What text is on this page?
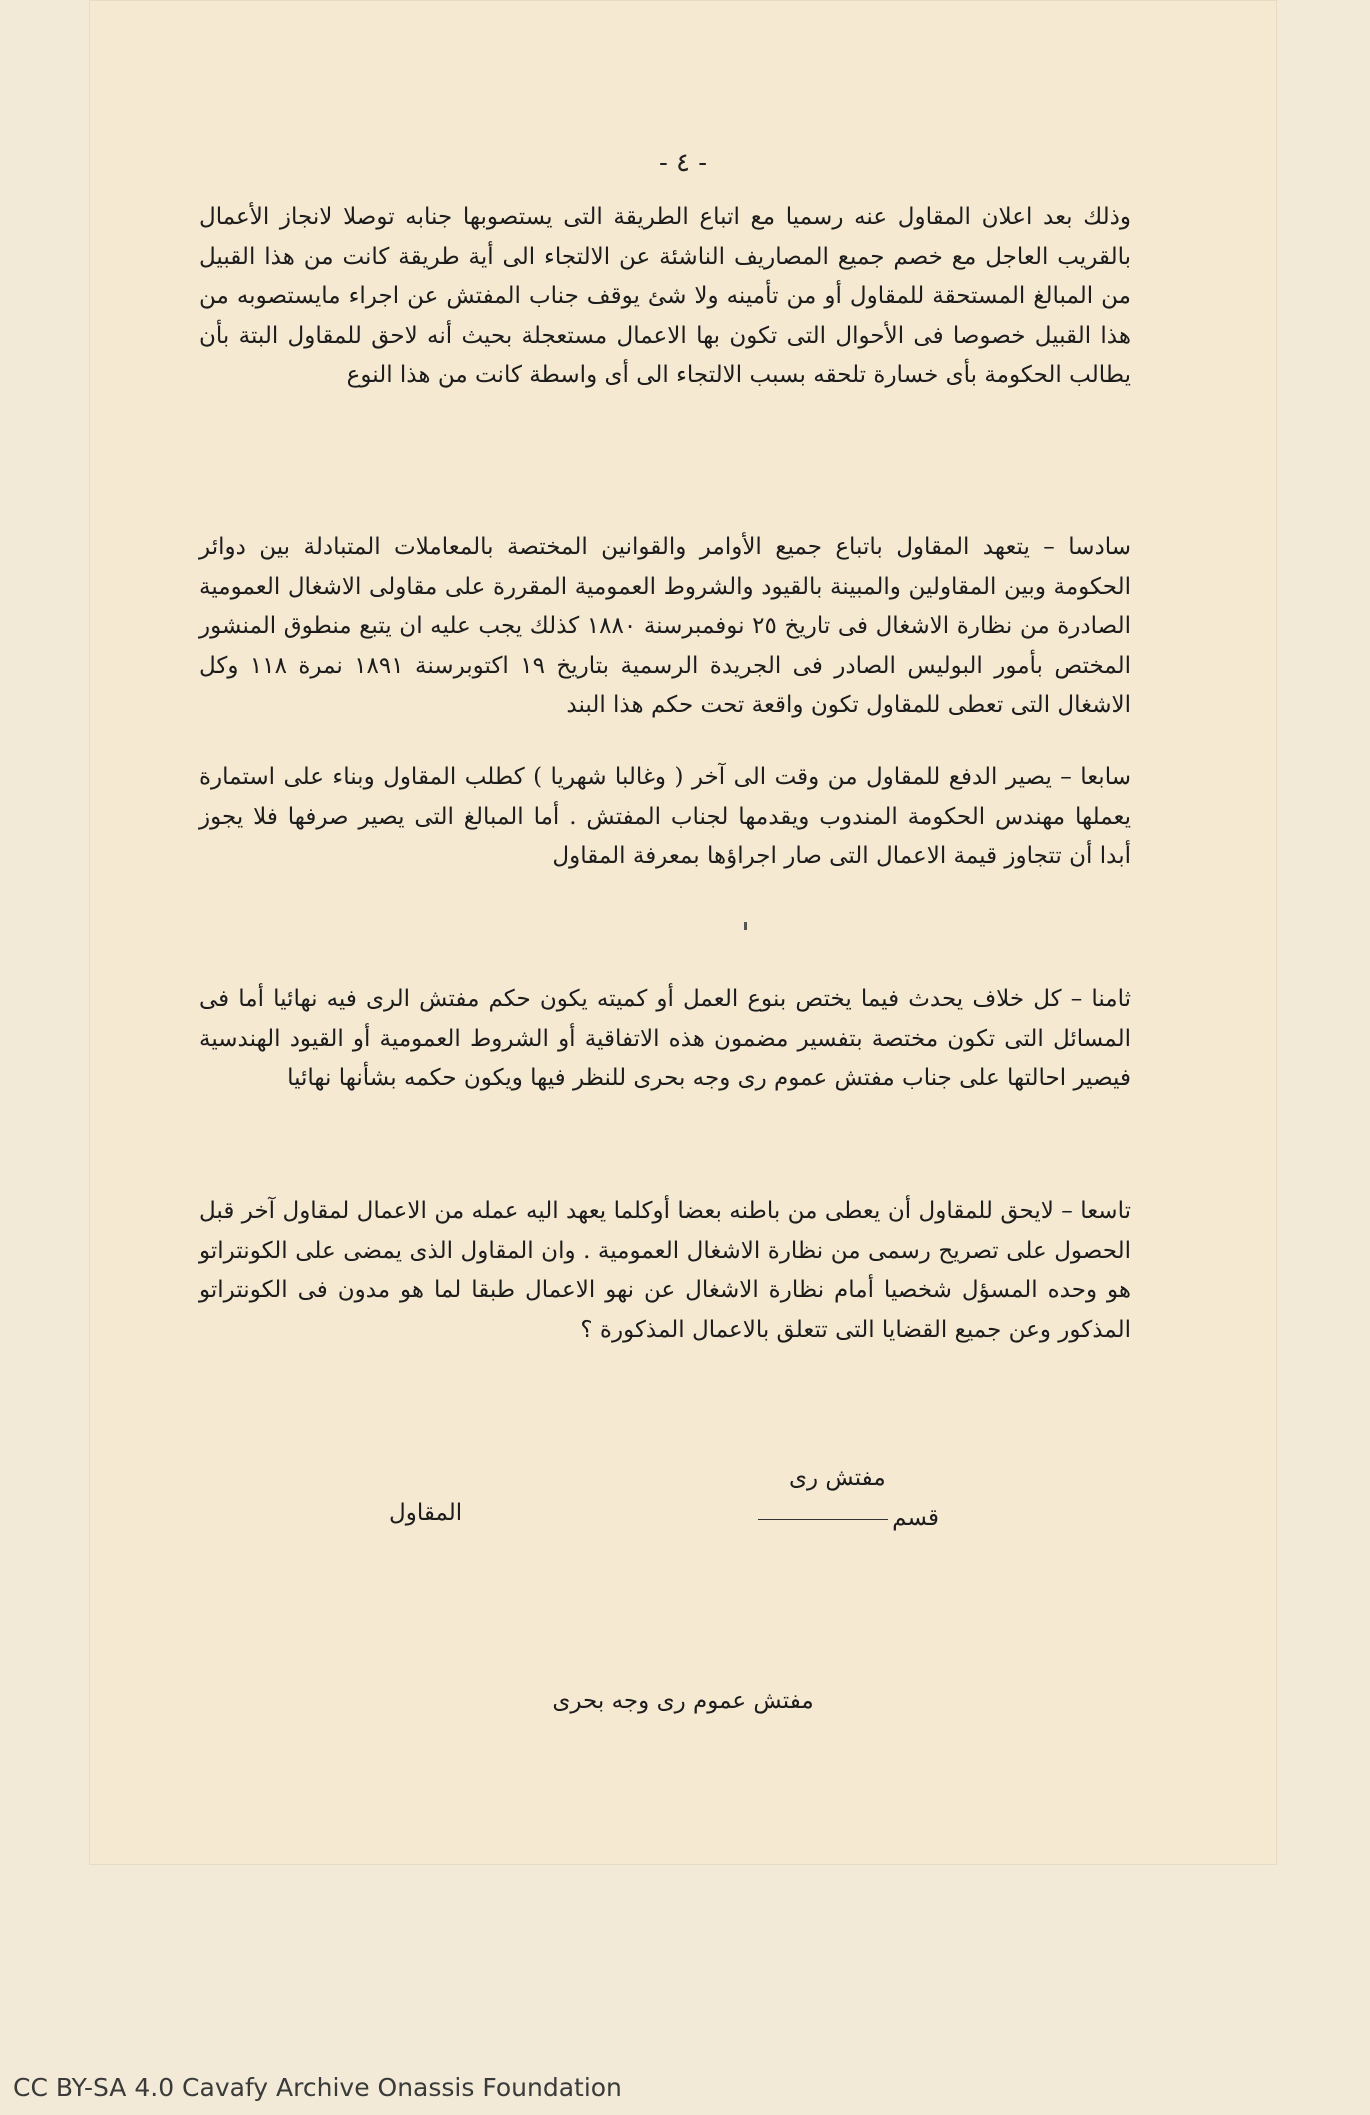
- ٤ -
وذلك بعد اعلان المقاول عنه رسميا مع اتباع الطريقة التى يستصوبها جنابه توصلا لانجاز الأعمال بالقريب العاجل مع خصم جميع المصاريف الناشئة عن الالتجاء الى أية طريقة كانت من هذا القبيل من المبالغ المستحقة للمقاول أو من تأمينه ولا شئ يوقف جناب المفتش عن اجراء مايستصوبه من هذا القبيل خصوصا فى الأحوال التى تكون بها الاعمال مستعجلة بحيث أنه لاحق للمقاول البتة بأن يطالب الحكومة بأى خسارة تلحقه بسبب الالتجاء الى أى واسطة كانت من هذا النوع
سادسا – يتعهد المقاول باتباع جميع الأوامر والقوانين المختصة بالمعاملات المتبادلة بين دوائر الحكومة وبين المقاولين والمبينة بالقيود والشروط العمومية المقررة على مقاولى الاشغال العمومية الصادرة من نظارة الاشغال فى تاريخ ٢٥ نوفمبرسنة ١٨٨٠ كذلك يجب عليه ان يتبع منطوق المنشور المختص بأمور البوليس الصادر فى الجريدة الرسمية بتاريخ ١٩ اكتوبرسنة ١٨٩١ نمرة ١١٨ وكل الاشغال التى تعطى للمقاول تكون واقعة تحت حكم هذا البند
سابعا – يصير الدفع للمقاول من وقت الى آخر ( وغالبا شهريا ) كطلب المقاول وبناء على استمارة يعملها مهندس الحكومة المندوب ويقدمها لجناب المفتش . أما المبالغ التى يصير صرفها فلا يجوز أبدا أن تتجاوز قيمة الاعمال التى صار اجراؤها بمعرفة المقاول
ثامنا – كل خلاف يحدث فيما يختص بنوع العمل أو كميته يكون حكم مفتش الرى فيه نهائيا أما فى المسائل التى تكون مختصة بتفسير مضمون هذه الاتفاقية أو الشروط العمومية أو القيود الهندسية فيصير احالتها على جناب مفتش عموم رى وجه بحرى للنظر فيها ويكون حكمه بشأنها نهائيا
تاسعا – لايحق للمقاول أن يعطى من باطنه بعضا أوكلما يعهد اليه عمله من الاعمال لمقاول آخر قبل الحصول على تصريح رسمى من نظارة الاشغال العمومية . وان المقاول الذى يمضى على الكونتراتو هو وحده المسؤل شخصيا أمام نظارة الاشغال عن نهو الاعمال طبقا لما هو مدون فى الكونتراتو المذكور وعن جميع القضايا التى تتعلق بالاعمال المذكورة ؟
مفتش رى
قسم
المقاول
مفتش عموم رى وجه بحرى
CC BY-SA 4.0 Cavafy Archive Onassis Foundation
